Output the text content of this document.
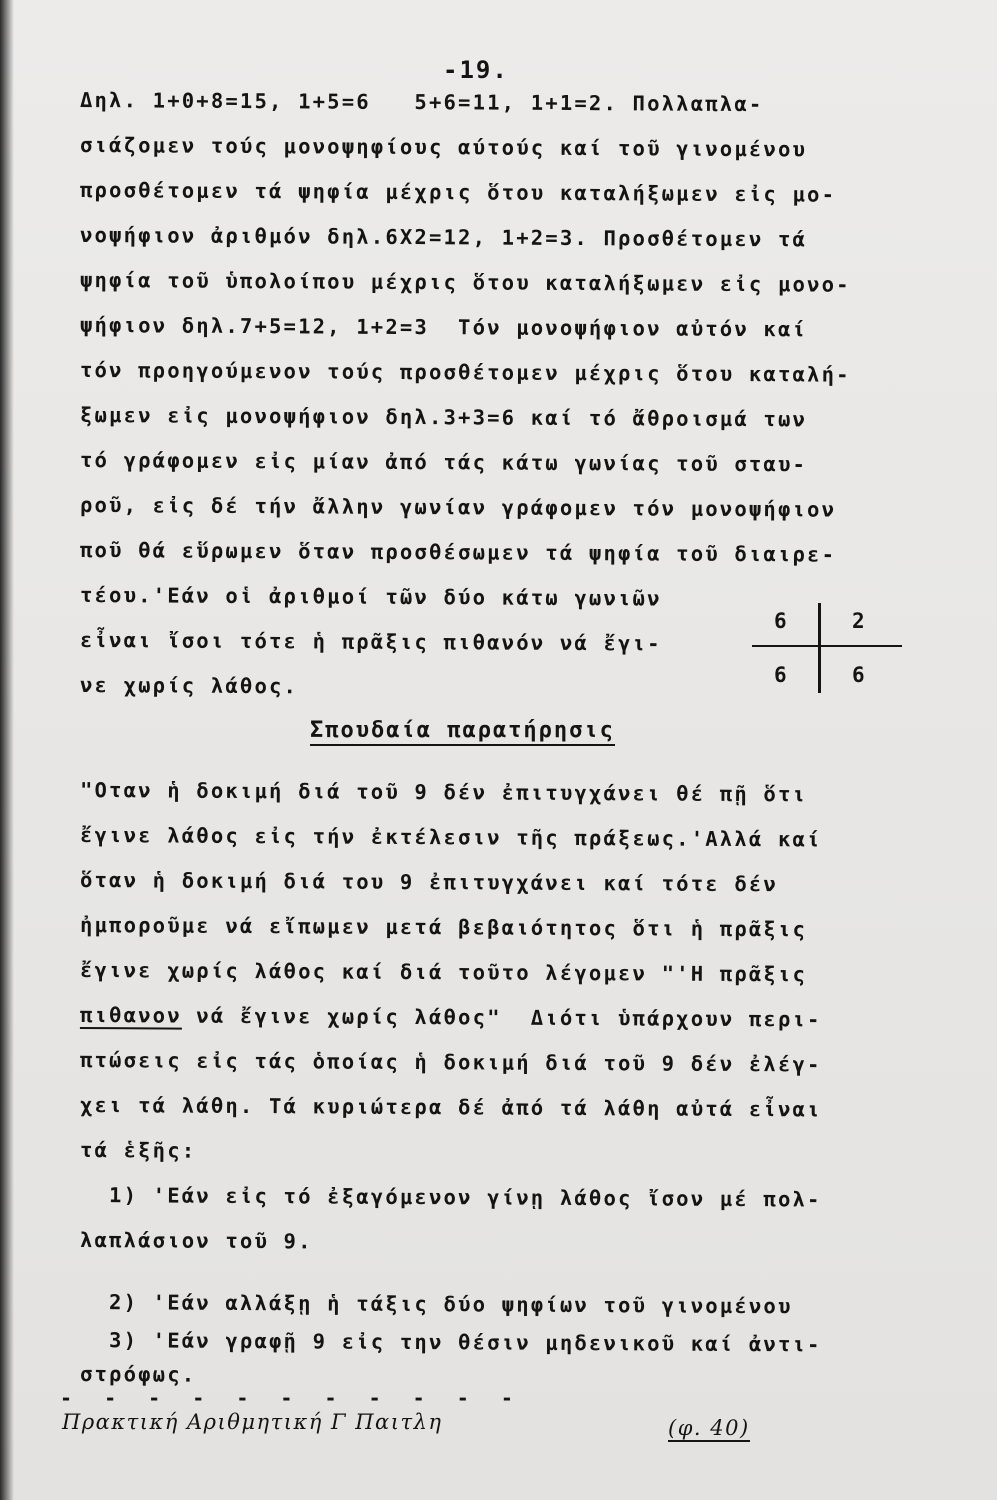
-19.
Δηλ. 1+0+8=15, 1+5=6   5+6=11, 1+1=2. Πολλαπλα-
σιάζομεν τούς μονοψηφίους αύτούς καί τοῦ γινομένου
προσθέτομεν τά ψηφία μέχρις ὅτου καταλήξωμεν εἰς μο-
νοψήφιον ἀριθμόν δηλ.6Χ2=12, 1+2=3. Προσθέτομεν τά
ψηφία τοῦ ὑπολοίπου μέχρις ὅτου καταλήξωμεν εἰς μονο-
ψήφιον δηλ.7+5=12, 1+2=3  Τόν μονοψήφιον αὐτόν καί
τόν προηγούμενον τούς προσθέτομεν μέχρις ὅτου καταλή-
ξωμεν εἰς μονοψήφιον δηλ.3+3=6 καί τό ἄθροισμά των
τό γράφομεν εἰς μίαν ἀπό τάς κάτω γωνίας τοῦ σταυ-
ροῦ, εἰς δέ τήν ἄλλην γωνίαν γράφομεν τόν μονοψήφιον
ποῦ θά εὕρωμεν ὅταν προσθέσωμεν τά ψηφία τοῦ διαιρε-
τέου.'Εάν οἱ ἀριθμοί τῶν δύο κάτω γωνιῶν
εἶναι ἴσοι τότε ἡ πρᾶξις πιθανόν νά ἔγι-
νε χωρίς λάθος.
6	2
6	6
Σπουδαία παρατήρησις
"Οταν ἡ δοκιμή διά τοῦ 9 δέν ἐπιτυγχάνει θέ πῇ ὅτι
ἔγινε λάθος εἰς τήν ἐκτέλεσιν τῆς πράξεως.'Αλλά καί
ὅταν ἡ δοκιμή διά του 9 ἐπιτυγχάνει καί τότε δέν
ἠμποροῦμε νά εἴπωμεν μετά βεβαιότητος ὅτι ἡ πρᾶξις
ἔγινε χωρίς λάθος καί διά τοῦτο λέγομεν "'Η πρᾶξις
πιθανον νά ἔγινε χωρίς λάθος"  Διότι ὑπάρχουν περι-
πτώσεις εἰς τάς ὁποίας ἡ δοκιμή διά τοῦ 9 δέν ἐλέγ-
χει τά λάθη. Τά κυριώτερα δέ ἀπό τά λάθη αὐτά εἶναι
τά ἑξῆς:
1) 'Εάν εἰς τό ἐξαγόμενον γίνῃ λάθος ἴσον μέ πολ-
λαπλάσιον τοῦ 9.
2) 'Εάν αλλάξῃ ἡ τάξις δύο ψηφίων τοῦ γινομένου
3) 'Εάν γραφῇ 9 εἰς την θέσιν μηδενικοῦ καί ἀντι-
στρόφως.
- - - - - - - - - - -
Πρακτική Αριθμητική Γ Παιτλη	(φ. 40)
